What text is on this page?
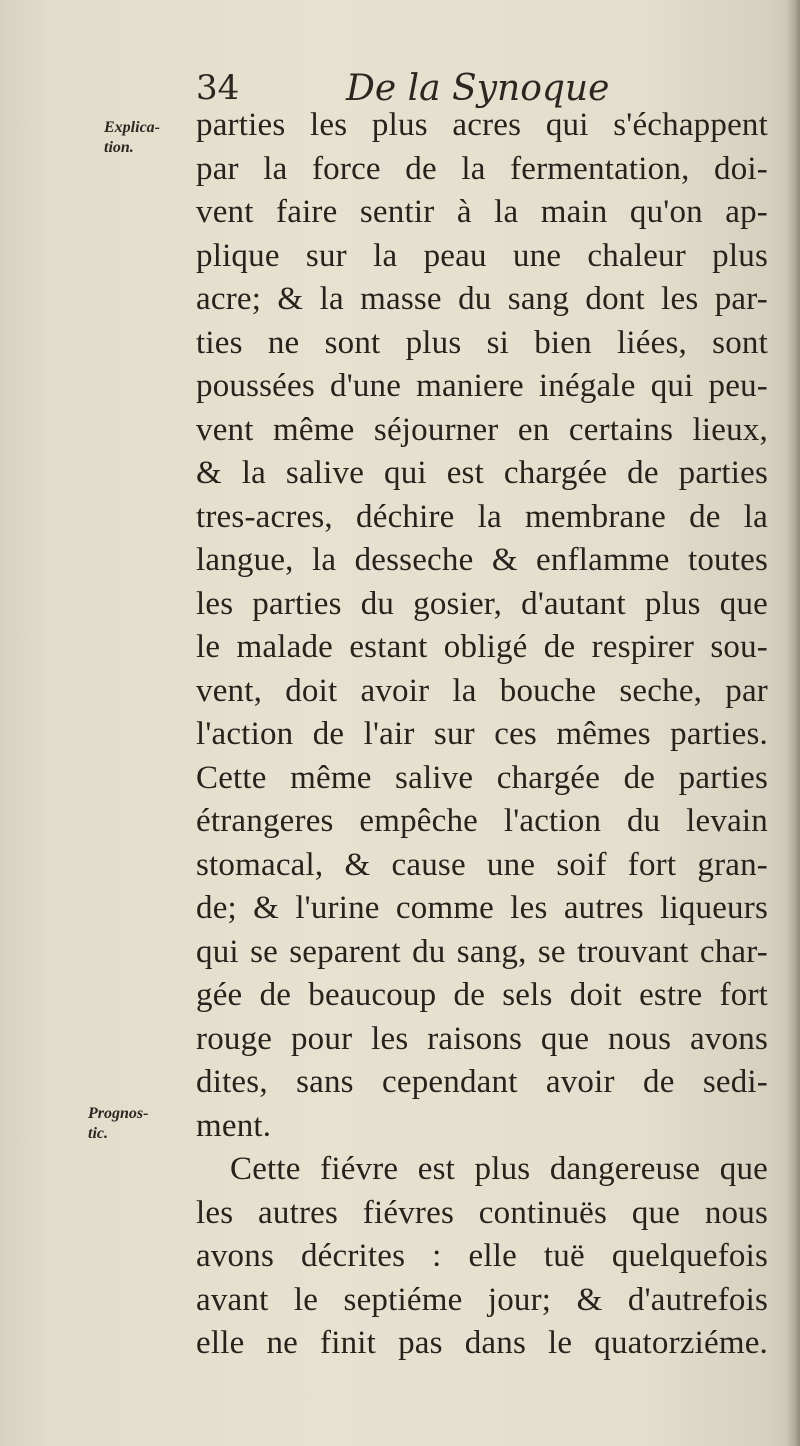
34	De la Synoque
Explica-
tion.
Prognos-
tic.
parties les plus acres qui s'échappent
par la force de la fermentation, doi-
vent faire sentir à la main qu'on ap-
plique sur la peau une chaleur plus
acre; & la masse du sang dont les par-
ties ne sont plus si bien liées, sont
poussées d'une maniere inégale qui peu-
vent même séjourner en certains lieux,
& la salive qui est chargée de parties
tres-acres, déchire la membrane de la
langue, la desseche & enflamme toutes
les parties du gosier, d'autant plus que
le malade estant obligé de respirer sou-
vent, doit avoir la bouche seche, par
l'action de l'air sur ces mêmes parties.
Cette même salive chargée de parties
étrangeres empêche l'action du levain
stomacal, & cause une soif fort gran-
de; & l'urine comme les autres liqueurs
qui se separent du sang, se trouvant char-
gée de beaucoup de sels doit estre fort
rouge pour les raisons que nous avons
dites, sans cependant avoir de sedi-
ment.
Cette fiévre est plus dangereuse que
les autres fiévres continuës que nous
avons décrites : elle tuë quelquefois
avant le septiéme jour; & d'autrefois
elle ne finit pas dans le quatorziéme.
